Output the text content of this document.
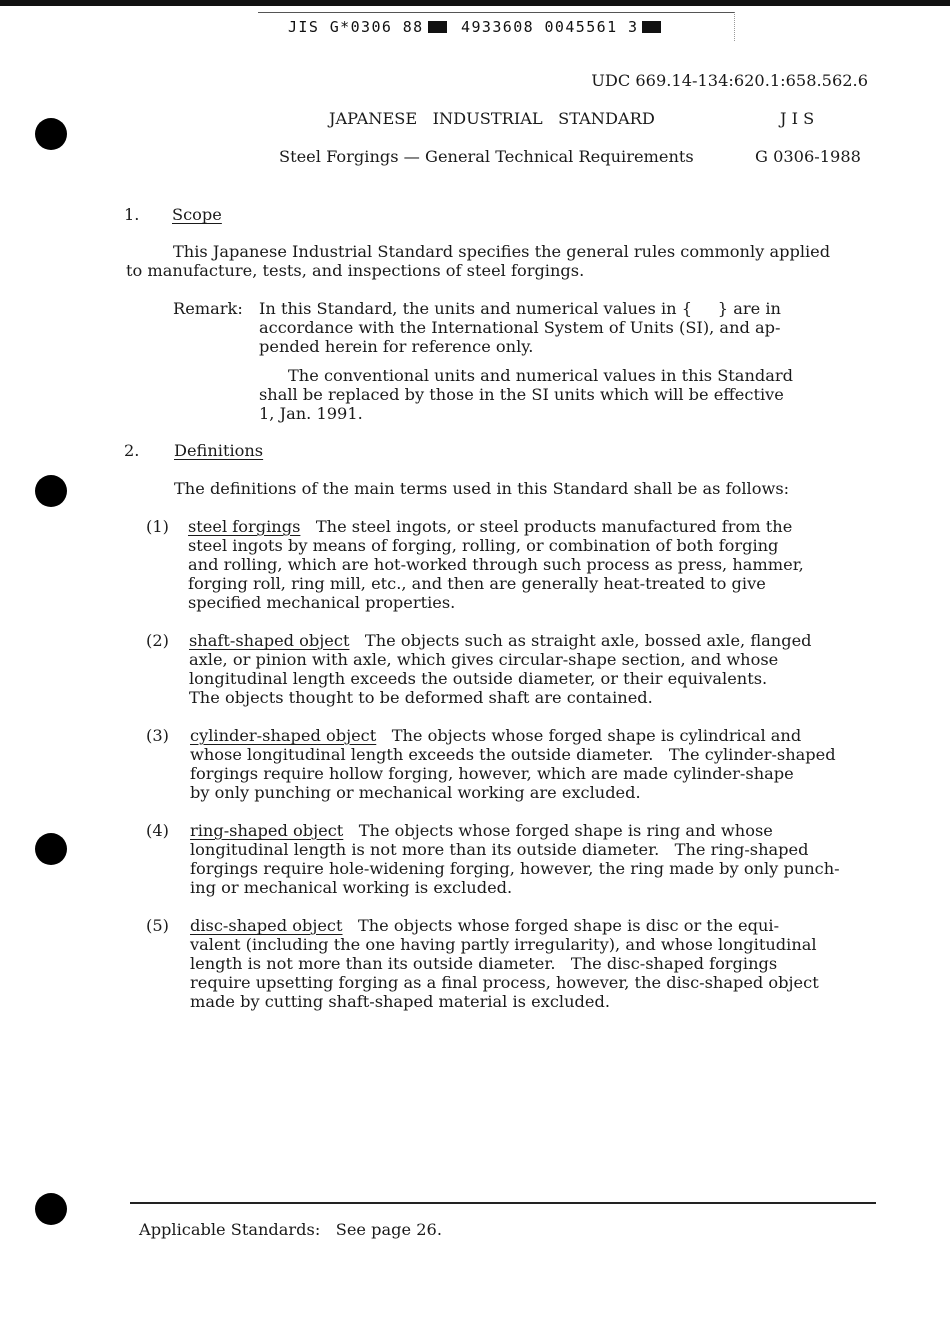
JIS G*0306 88 4933608 0045561 3
UDC 669.14-134:620.1:658.562.6
JAPANESE   INDUSTRIAL   STANDARD	J I S
Steel Forgings — General Technical Requirements	G 0306-1988
1. Scope

This Japanese Industrial Standard specifies the general rules commonly applied

to manufacture, tests, and inspections of steel forgings.

Remark: In this Standard, the units and numerical values in {     } are in

accordance with the International System of Units (SI), and ap-

pended herein for reference only.

The conventional units and numerical values in this Standard

shall be replaced by those in the SI units which will be effective

1, Jan. 1991.

2. Definitions
The definitions of the main terms used in this Standard shall be as follows:
(1) steel forgings The steel ingots, or steel products manufactured from the

steel ingots by means of forging, rolling, or combination of both forging

and rolling, which are hot-worked through such process as press, hammer,

forging roll, ring mill, etc., and then are generally heat-treated to give

specified mechanical properties.

(2) shaft-shaped object The objects such as straight axle, bossed axle, flanged

axle, or pinion with axle, which gives circular-shape section, and whose

longitudinal length exceeds the outside diameter, or their equivalents.

The objects thought to be deformed shaft are contained.

(3) cylinder-shaped object The objects whose forged shape is cylindrical and

whose longitudinal length exceeds the outside diameter.   The cylinder-shaped

forgings require hollow forging, however, which are made cylinder-shape

by only punching or mechanical working are excluded.

(4) ring-shaped object The objects whose forged shape is ring and whose

longitudinal length is not more than its outside diameter.   The ring-shaped

forgings require hole-widening forging, however, the ring made by only punch-

ing or mechanical working is excluded.

(5) disc-shaped object The objects whose forged shape is disc or the equi-

valent (including the one having partly irregularity), and whose longitudinal

length is not more than its outside diameter.   The disc-shaped forgings

require upsetting forging as a final process, however, the disc-shaped object

made by cutting shaft-shaped material is excluded.

Applicable Standards:   See page 26.
